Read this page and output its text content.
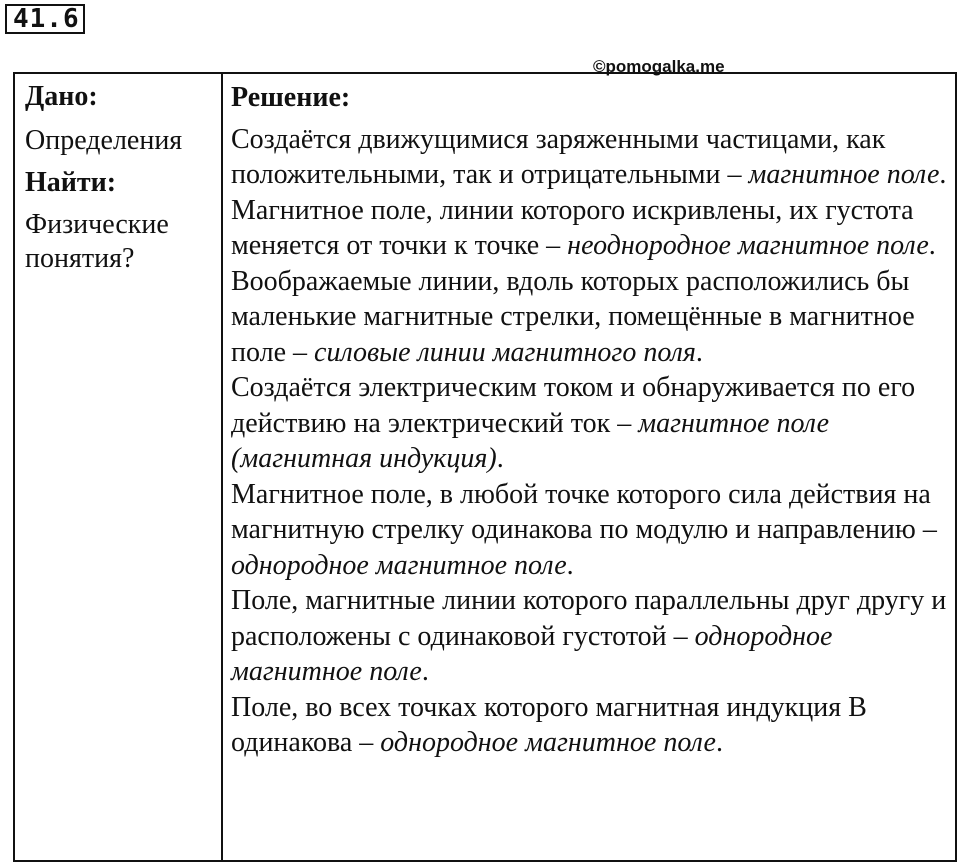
41.6
©pomogalka.me
Дано:
Определения
Найти:
Физические понятия?
Решение:
Создаётся движущимися заряженными частицами, как положительными, так и отрицательными – магнитное поле.
Магнитное поле, линии которого искривлены, их густота меняется от точки к точке – неоднородное магнитное поле.
Воображаемые линии, вдоль которых расположились бы маленькие магнитные стрелки, помещённые в магнитное поле – силовые линии магнитного поля.
Создаётся электрическим током и обнаруживается по его действию на электрический ток – магнитное поле (магнитная индукция).
Магнитное поле, в любой точке которого сила действия на магнитную стрелку одинакова по модулю и направлению – однородное магнитное поле.
Поле, магнитные линии которого параллельны друг другу и расположены с одинаковой густотой – однородное магнитное поле.
Поле, во всех точках которого магнитная индукция B одинакова – однородное магнитное поле.
